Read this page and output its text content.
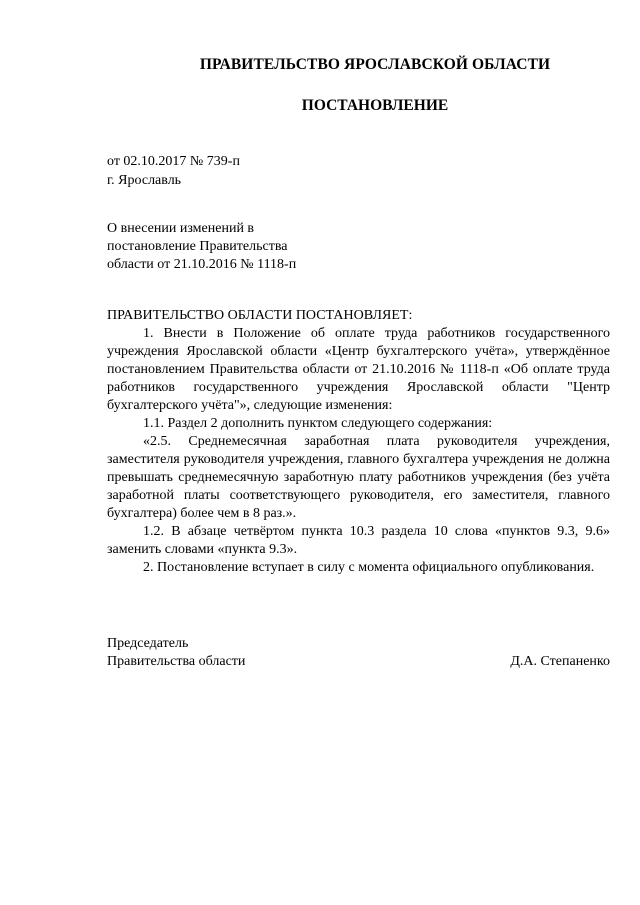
ПРАВИТЕЛЬСТВО ЯРОСЛАВСКОЙ ОБЛАСТИ
ПОСТАНОВЛЕНИЕ
от 02.10.2017 № 739-п
г. Ярославль
О внесении изменений в
постановление Правительства
области от 21.10.2016 № 1118-п

ПРАВИТЕЛЬСТВО ОБЛАСТИ ПОСТАНОВЛЯЕТ:

1. Внести в Положение об оплате труда работников государственного учреждения Ярославской области «Центр бухгалтерского учёта», утверждённое постановлением Правительства области от 21.10.2016 № 1118-п «Об оплате труда работников государственного учреждения Ярославской области "Центр бухгалтерского учёта"», следующие изменения:

1.1. Раздел 2 дополнить пунктом следующего содержания:

«2.5. Среднемесячная заработная плата руководителя учреждения, заместителя руководителя учреждения, главного бухгалтера учреждения не должна превышать среднемесячную заработную плату работников учреждения (без учёта заработной платы соответствующего руководителя, его заместителя, главного бухгалтера) более чем в 8 раз.».

1.2. В абзаце четвёртом пункта 10.3 раздела 10 слова «пунктов 9.3, 9.6» заменить словами «пункта 9.3».

2. Постановление вступает в силу с момента официального опубликования.

Председатель
Правительства области	Д.А. Степаненко
